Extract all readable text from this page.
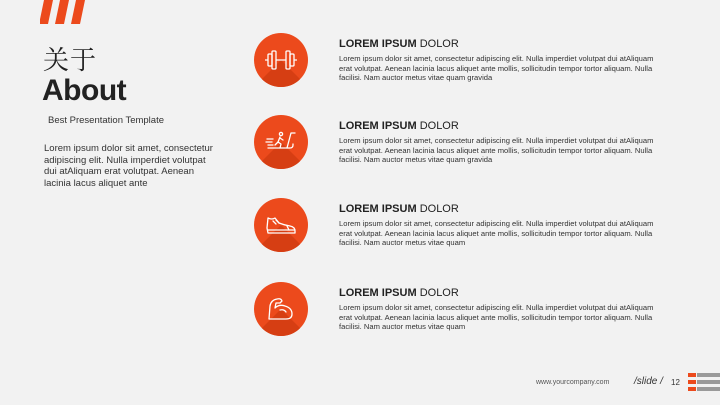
关于
About
Best Presentation Template
Lorem ipsum dolor sit amet, consectetur adipiscing elit. Nulla imperdiet volutpat dui atAliquam erat volutpat. Aenean lacinia lacus aliquet ante
LOREM IPSUM DOLOR
Lorem ipsum dolor sit amet, consectetur adipiscing elit. Nulla imperdiet volutpat dui atAliquam erat volutpat. Aenean lacinia lacus aliquet ante mollis, sollicitudin tempor tortor aliquam. Nulla facilisi. Nam auctor metus vitae quam gravida
LOREM IPSUM DOLOR
Lorem ipsum dolor sit amet, consectetur adipiscing elit. Nulla imperdiet volutpat dui atAliquam erat volutpat. Aenean lacinia lacus aliquet ante mollis, sollicitudin tempor tortor aliquam. Nulla facilisi. Nam auctor metus vitae quam gravida
LOREM IPSUM DOLOR
Lorem ipsum dolor sit amet, consectetur adipiscing elit. Nulla imperdiet volutpat dui atAliquam erat volutpat. Aenean lacinia lacus aliquet ante mollis, sollicitudin tempor tortor aliquam. Nulla facilisi. Nam auctor metus vitae quam
LOREM IPSUM DOLOR
Lorem ipsum dolor sit amet, consectetur adipiscing elit. Nulla imperdiet volutpat dui atAliquam erat volutpat. Aenean lacinia lacus aliquet ante mollis, sollicitudin tempor tortor aliquam. Nulla facilisi. Nam auctor metus vitae quam
www.yourcompany.com /slide / 12
